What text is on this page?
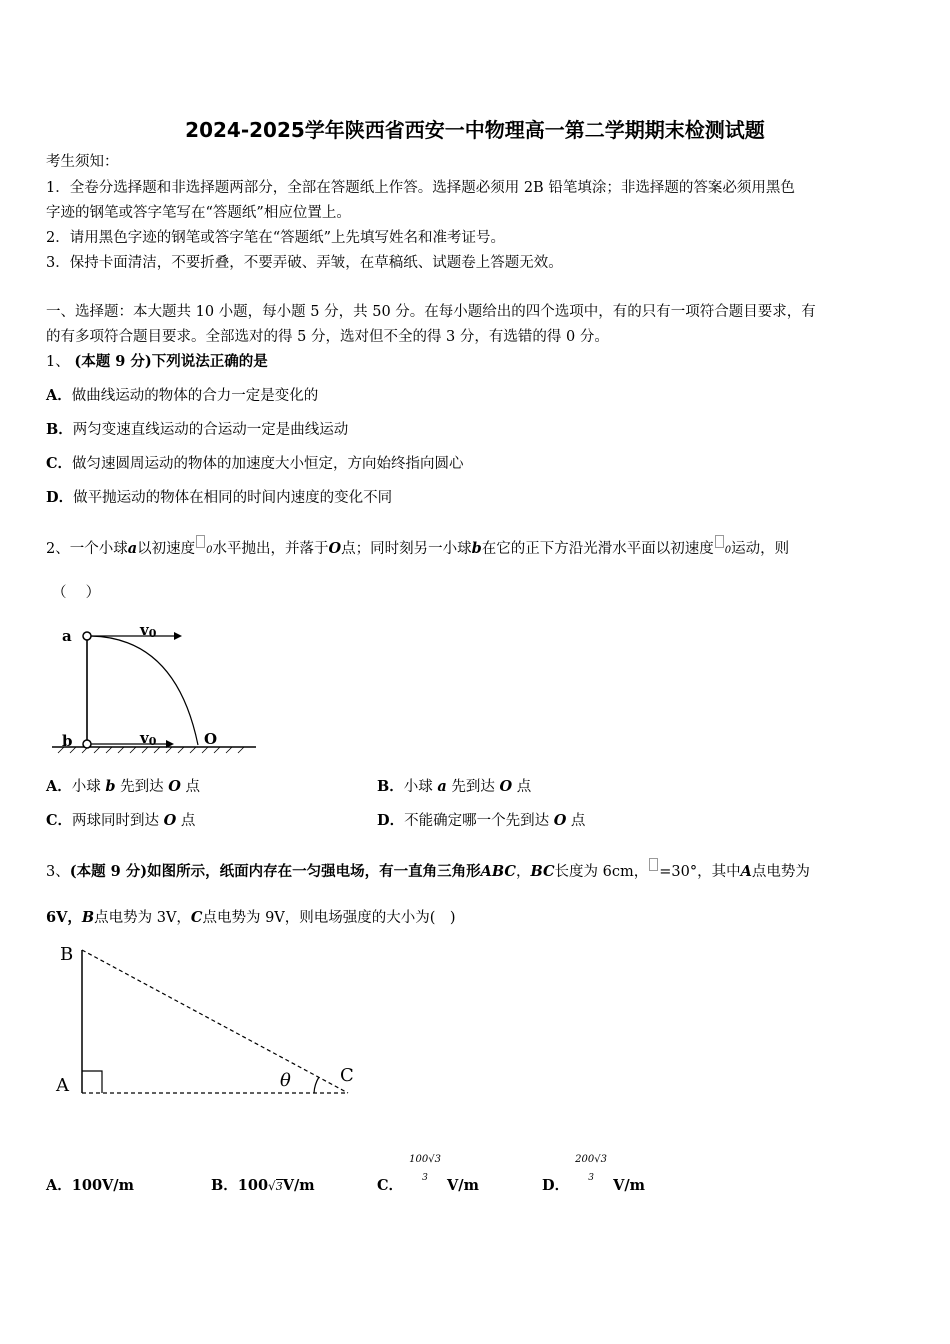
2024-2025学年陕西省西安一中物理高一第二学期期末检测试题
考生须知：
1．全卷分选择题和非选择题两部分，全部在答题纸上作答。选择题必须用 2B 铅笔填涂；非选择题的答案必须用黑色
字迹的钢笔或答字笔写在“答题纸”相应位置上。
2．请用黑色字迹的钢笔或答字笔在“答题纸”上先填写姓名和准考证号。
3．保持卡面清洁，不要折叠，不要弄破、弄皱，在草稿纸、试题卷上答题无效。
一、选择题：本大题共 10 小题，每小题 5 分，共 50 分。在每小题给出的四个选项中，有的只有一项符合题目要求，有
的有多项符合题目要求。全部选对的得 5 分，选对但不全的得 3 分，有选错的得 0 分。
1、 (本题 9 分)下列说法正确的是
A．做曲线运动的物体的合力一定是变化的
B．两匀变速直线运动的合运动一定是曲线运动
C．做匀速圆周运动的物体的加速度大小恒定，方向始终指向圆心
D．做平抛运动的物体在相同的时间内速度的变化不同
2、一个小球a以初速度 0水平抛出，并落于O点；同时刻另一小球b在它的正下方沿光滑水平面以初速度 0运动，则
（　 ）
a
b
v0
v0	O
A．小球 b 先到达 O 点	B．小球 a 先到达 O 点
C．两球同时到达 O 点	D．不能确定哪一个先到达 O 点
3、(本题 9 分)如图所示，纸面内存在一匀强电场，有一直角三角形ABC，BC长度为 6cm， =30°，其中A点电势为
6V，B点电势为 3V，C点电势为 9V，则电场强度的大小为(　)
B
A	C
θ
A．100V/m	B．100√3V/m	C．
100√3
3	V/m	D．
200√3
3	V/m
